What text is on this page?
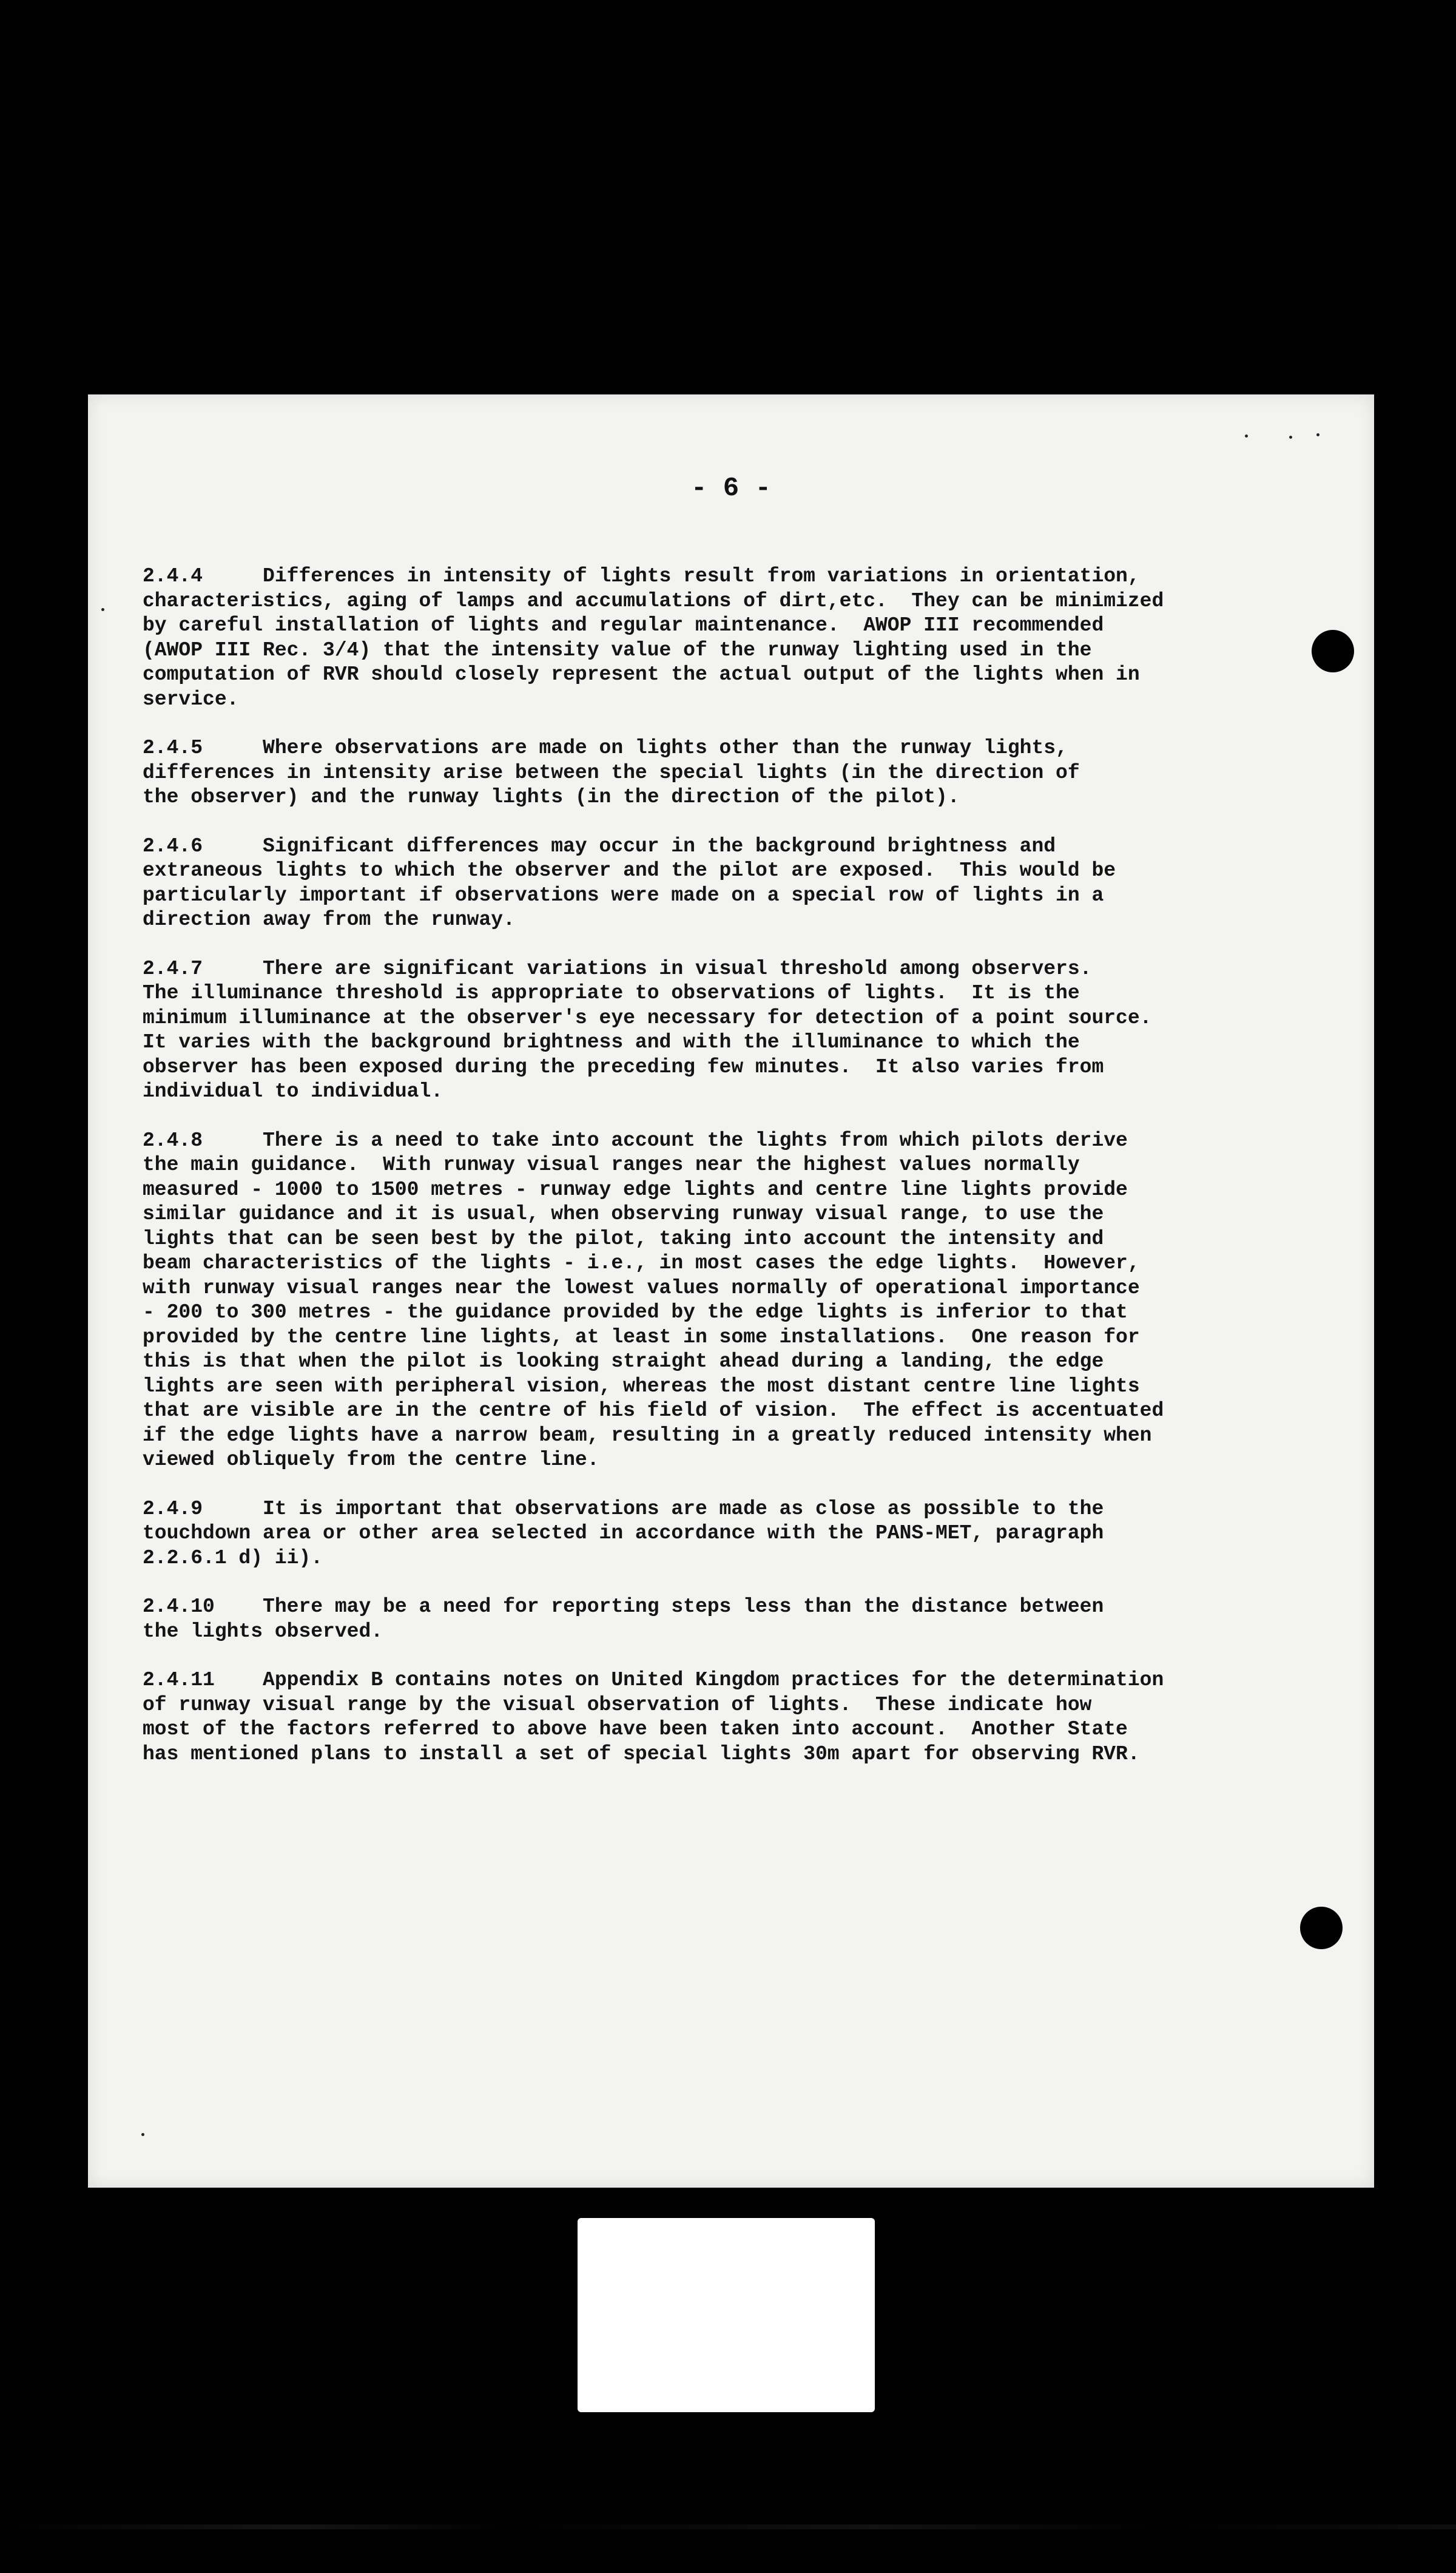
- 6 -
2.4.4     Differences in intensity of lights result from variations in orientation,
characteristics, aging of lamps and accumulations of dirt,etc.  They can be minimized
by careful installation of lights and regular maintenance.  AWOP III recommended
(AWOP III Rec. 3/4) that the intensity value of the runway lighting used in the
computation of RVR should closely represent the actual output of the lights when in
service.
2.4.5     Where observations are made on lights other than the runway lights,
differences in intensity arise between the special lights (in the direction of
the observer) and the runway lights (in the direction of the pilot).
2.4.6     Significant differences may occur in the background brightness and
extraneous lights to which the observer and the pilot are exposed.  This would be
particularly important if observations were made on a special row of lights in a
direction away from the runway.
2.4.7     There are significant variations in visual threshold among observers.
The illuminance threshold is appropriate to observations of lights.  It is the
minimum illuminance at the observer's eye necessary for detection of a point source.
It varies with the background brightness and with the illuminance to which the
observer has been exposed during the preceding few minutes.  It also varies from
individual to individual.
2.4.8     There is a need to take into account the lights from which pilots derive
the main guidance.  With runway visual ranges near the highest values normally
measured - 1000 to 1500 metres - runway edge lights and centre line lights provide
similar guidance and it is usual, when observing runway visual range, to use the
lights that can be seen best by the pilot, taking into account the intensity and
beam characteristics of the lights - i.e., in most cases the edge lights.  However,
with runway visual ranges near the lowest values normally of operational importance
- 200 to 300 metres - the guidance provided by the edge lights is inferior to that
provided by the centre line lights, at least in some installations.  One reason for
this is that when the pilot is looking straight ahead during a landing, the edge
lights are seen with peripheral vision, whereas the most distant centre line lights
that are visible are in the centre of his field of vision.  The effect is accentuated
if the edge lights have a narrow beam, resulting in a greatly reduced intensity when
viewed obliquely from the centre line.
2.4.9     It is important that observations are made as close as possible to the
touchdown area or other area selected in accordance with the PANS-MET, paragraph
2.2.6.1 d) ii).
2.4.10    There may be a need for reporting steps less than the distance between
the lights observed.
2.4.11    Appendix B contains notes on United Kingdom practices for the determination
of runway visual range by the visual observation of lights.  These indicate how
most of the factors referred to above have been taken into account.  Another State
has mentioned plans to install a set of special lights 30m apart for observing RVR.
